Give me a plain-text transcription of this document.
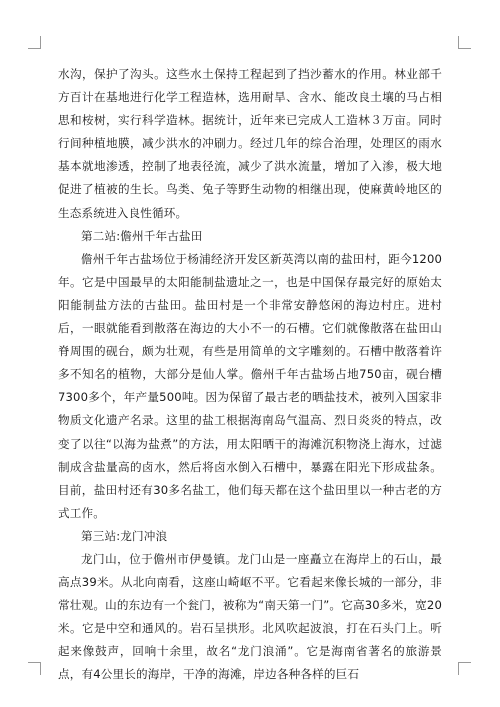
水沟，保护了沟头。这些水土保持工程起到了挡沙蓄水的作用。林业部千方百计在基地进行化学工程造林，选用耐旱、含水、能改良土壤的马占相思和桉树，实行科学造林。据统计，近年来已完成人工造林３万亩。同时行间种植地膜，减少洪水的冲刷力。经过几年的综合治理，处理区的雨水基本就地渗透，控制了地表径流，减少了洪水流量，增加了入渗，极大地促进了植被的生长。鸟类、兔子等野生动物的相继出现，使麻黄岭地区的生态系统进入良性循环。

第二站:儋州千年古盐田

儋州千年古盐场位于杨浦经济开发区新英湾以南的盐田村，距今1200年。它是中国最早的太阳能制盐遗址之一，也是中国保存最完好的原始太阳能制盐方法的古盐田。盐田村是一个非常安静悠闲的海边村庄。进村后，一眼就能看到散落在海边的大小不一的石槽。它们就像散落在盐田山脊周围的砚台，颇为壮观，有些是用简单的文字雕刻的。石槽中散落着许多不知名的植物，大部分是仙人掌。儋州千年古盐场占地750亩，砚台槽7300多个，年产量500吨。因为保留了最古老的晒盐技术，被列入国家非物质文化遗产名录。这里的盐工根据海南岛气温高、烈日炎炎的特点，改变了以往“以海为盐煮”的方法，用太阳晒干的海滩沉积物浇上海水，过滤制成含盐量高的卤水，然后将卤水倒入石槽中，暴露在阳光下形成盐条。目前，盐田村还有30多名盐工，他们每天都在这个盐田里以一种古老的方式工作。

第三站:龙门冲浪

龙门山，位于儋州市伊曼镇。龙门山是一座矗立在海岸上的石山，最高点39米。从北向南看，这座山崎岖不平。它看起来像长城的一部分，非常壮观。山的东边有一个瓮门，被称为“南天第一门”。它高30多米，宽20米。它是中空和通风的。岩石呈拱形。北风吹起波浪，打在石头门上。听起来像鼓声，回响十余里，故名“龙门浪涌”。它是海南省著名的旅游景点，有4公里长的海岸，干净的海滩，岸边各种各样的巨石
